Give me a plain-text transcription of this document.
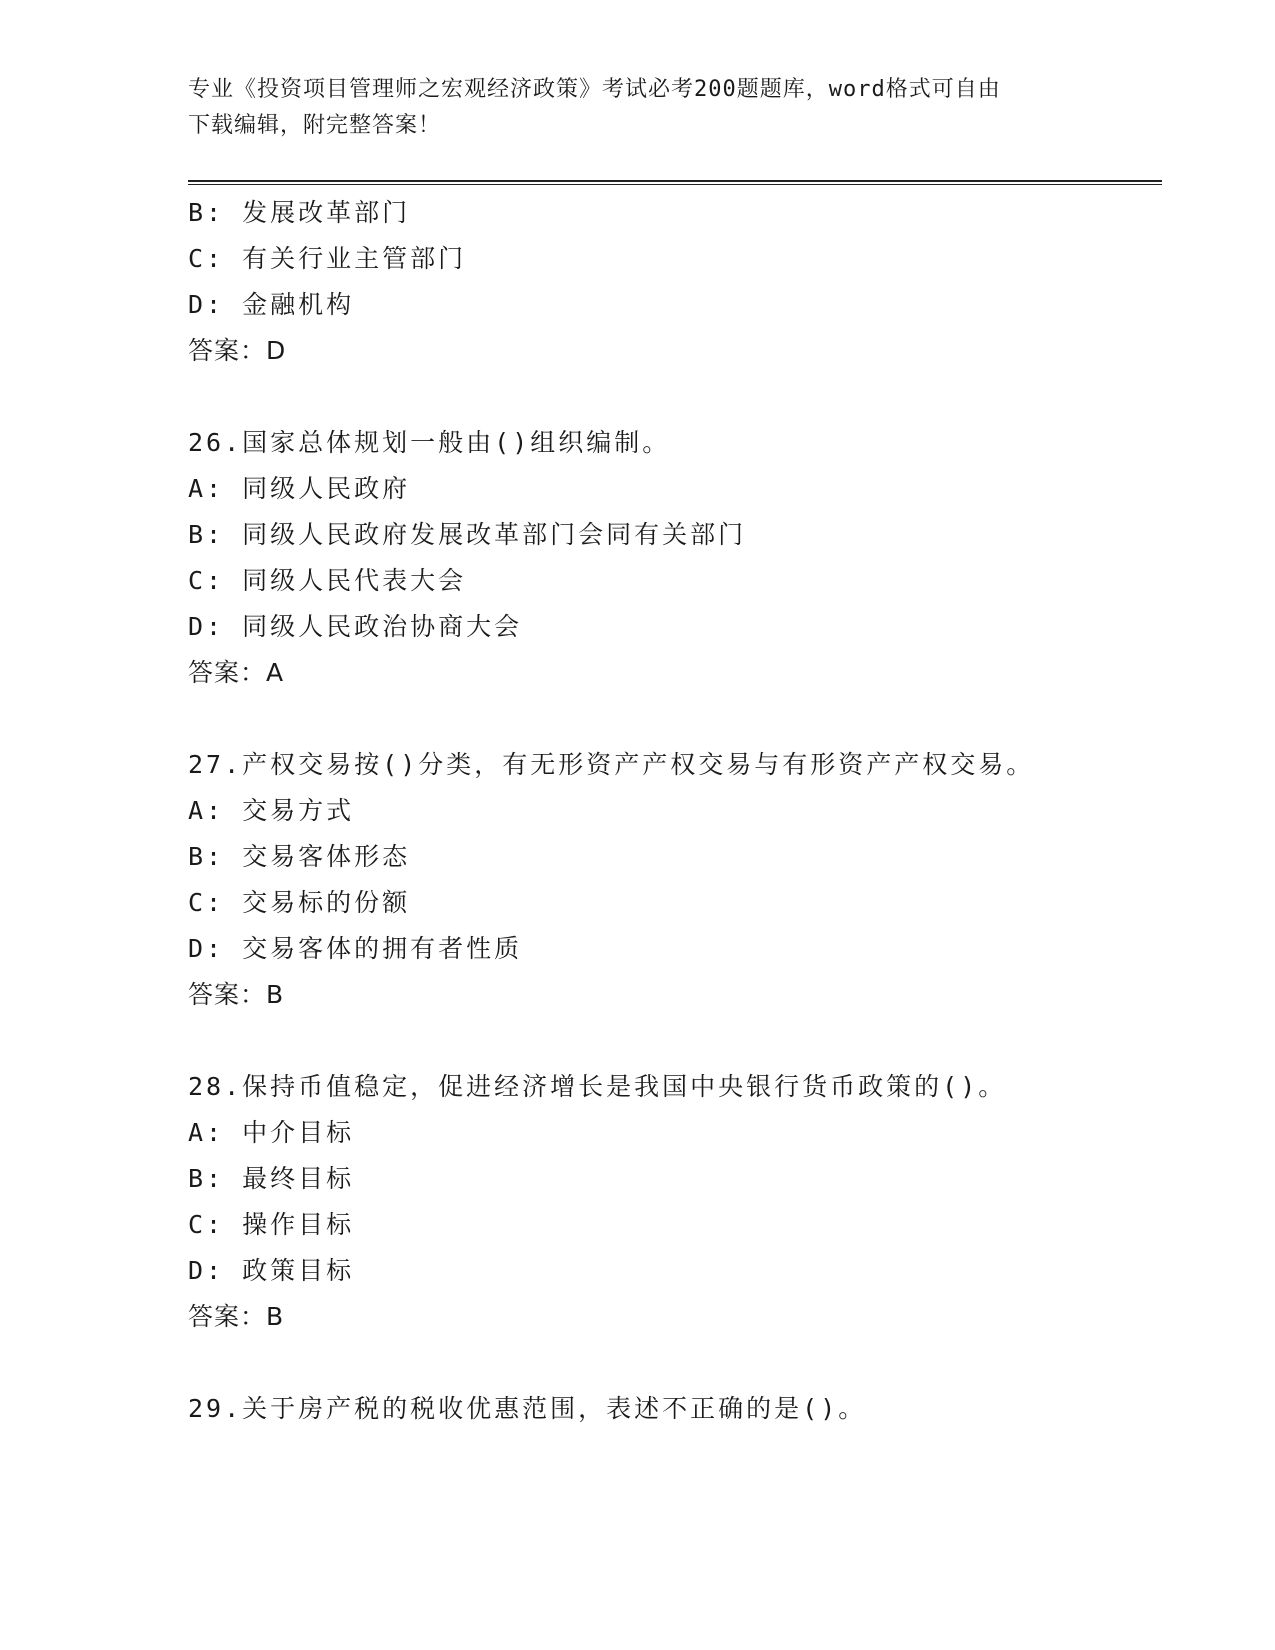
专业《投资项目管理师之宏观经济政策》考试必考200题题库，word格式可自由
下载编辑，附完整答案！
B: 发展改革部门
C: 有关行业主管部门
D: 金融机构
答案：D
26.国家总体规划一般由()组织编制。
A: 同级人民政府
B: 同级人民政府发展改革部门会同有关部门
C: 同级人民代表大会
D: 同级人民政治协商大会
答案：A
27.产权交易按()分类，有无形资产产权交易与有形资产产权交易。
A: 交易方式
B: 交易客体形态
C: 交易标的份额
D: 交易客体的拥有者性质
答案：B
28.保持币值稳定，促进经济增长是我国中央银行货币政策的()。
A: 中介目标
B: 最终目标
C: 操作目标
D: 政策目标
答案：B
29.关于房产税的税收优惠范围，表述不正确的是()。
